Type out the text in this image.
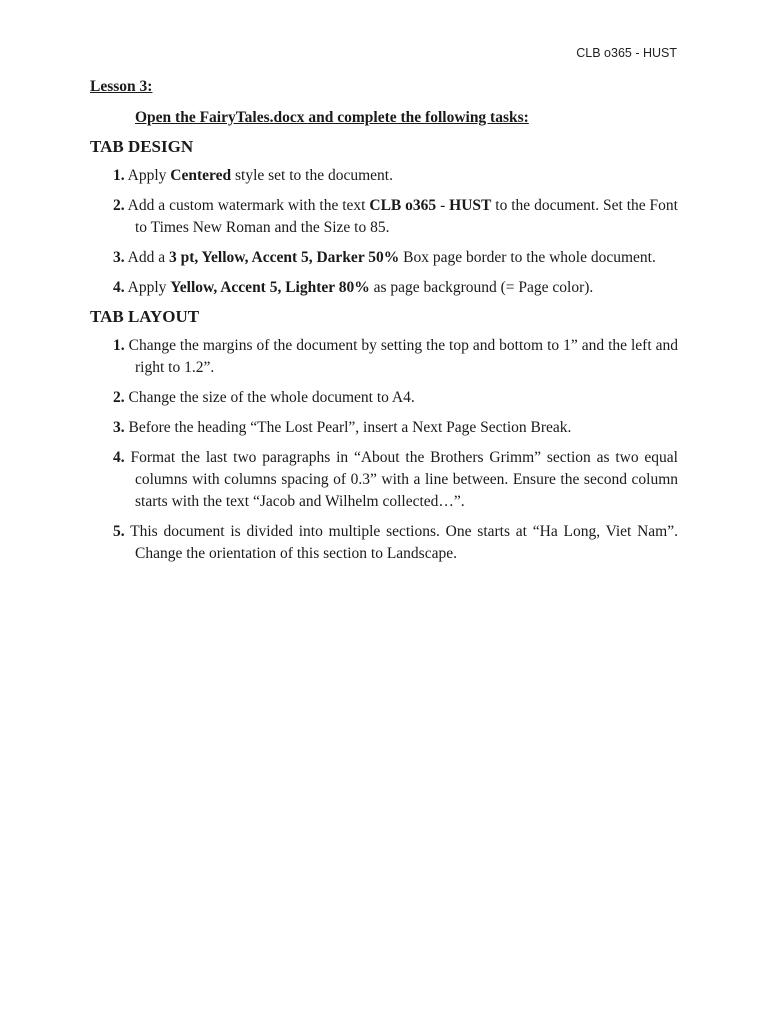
CLB o365 - HUST

Lesson 3:

Open the FairyTales.docx and complete the following tasks:

TAB DESIGN
1. Apply Centered style set to the document.
2. Add a custom watermark with the text CLB o365 - HUST to the document. Set the Font to Times New Roman and the Size to 85.
3. Add a 3 pt, Yellow, Accent 5, Darker 50% Box page border to the whole document.
4. Apply Yellow, Accent 5, Lighter 80% as page background (= Page color).
TAB LAYOUT
1. Change the margins of the document by setting the top and bottom to 1” and the left and right to 1.2”.
2. Change the size of the whole document to A4.
3. Before the heading “The Lost Pearl”, insert a Next Page Section Break.
4. Format the last two paragraphs in “About the Brothers Grimm” section as two equal columns with columns spacing of 0.3” with a line between. Ensure the second column starts with the text “Jacob and Wilhelm collected…”.
5. This document is divided into multiple sections. One starts at “Ha Long, Viet Nam”. Change the orientation of this section to Landscape.
